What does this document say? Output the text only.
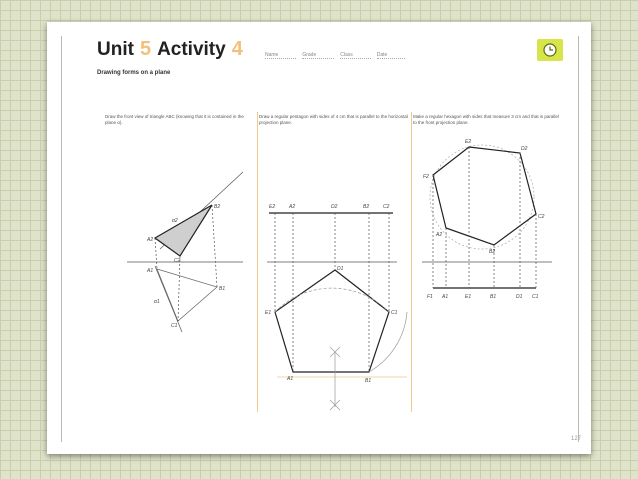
Unit 5 Activity 4	Name	Grade	Class	Date
Drawing forms on a plane
Draw the front view of triangle ABC (knowing that it is contained in the plane α).
Draw a regular pentagon with sides of 4 cm that is parallel to the horizontal projection plane.
Make a regular hexagon with sides that measure 3 cm and that is parallel to the front projection plane.
B2
A2
C2
A1
B1
C1
α2
α1
E2	A2	D2	B2	C2
D1
E1	C1
A1	B1
E2
D2
F2
C2
A2
B2
F1 A1	E1	B1	D1 C1
127
